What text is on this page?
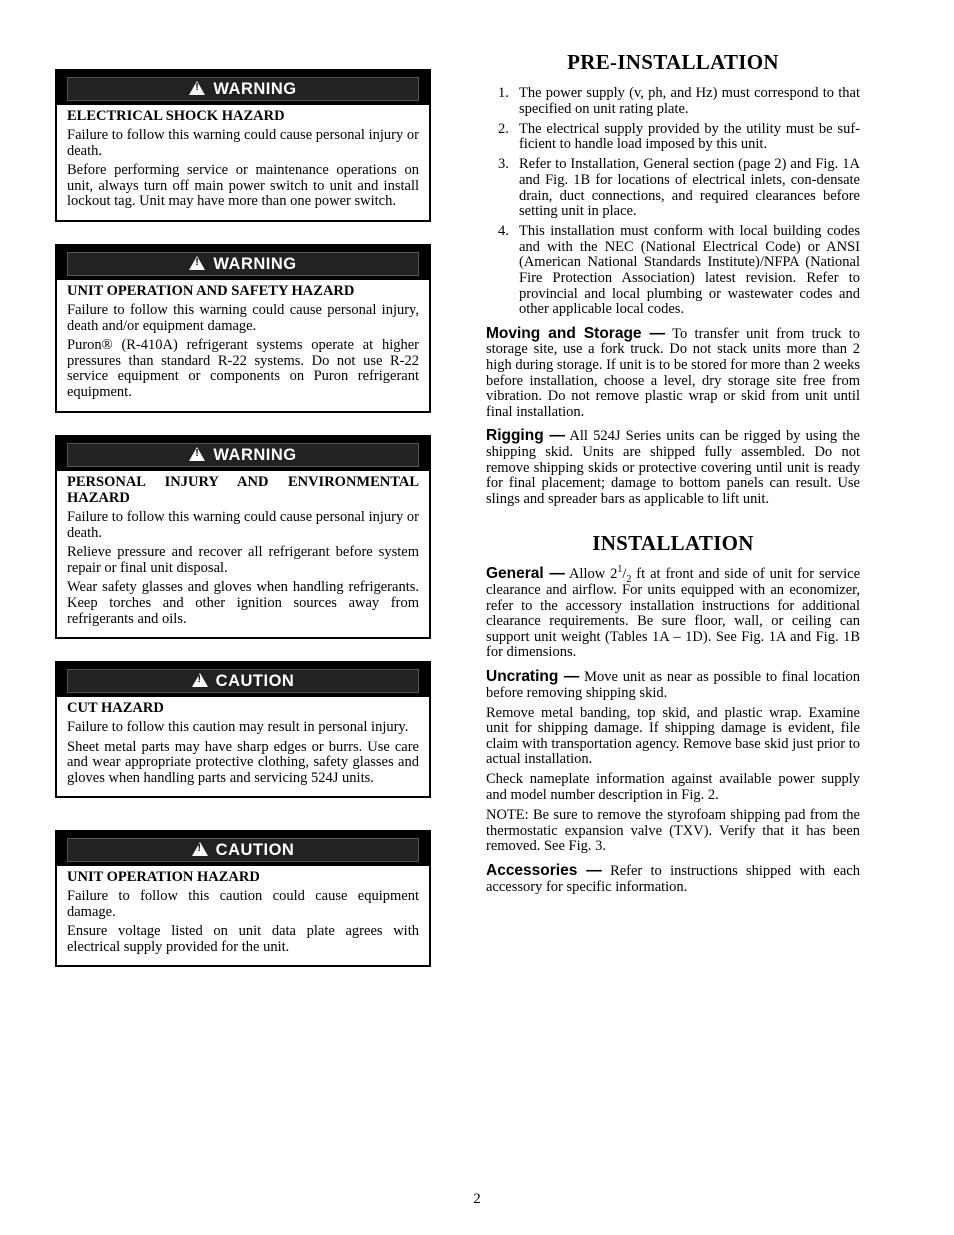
!WARNING

ELECTRICAL SHOCK HAZARD

Failure to follow this warning could cause personal injury or death.

Before performing service or maintenance operations on unit, always turn off main power switch to unit and install lockout tag. Unit may have more than one power switch.

!WARNING

UNIT OPERATION AND SAFETY HAZARD

Failure to follow this warning could cause personal injury, death and/or equipment damage.

Puron® (R-410A) refrigerant systems operate at higher pressures than standard R-22 systems. Do not use R-22 service equipment or components on Puron refrigerant equipment.

!WARNING

PERSONAL INJURY AND ENVIRONMENTAL HAZARD

Failure to follow this warning could cause personal injury or death.

Relieve pressure and recover all refrigerant before system repair or final unit disposal.

Wear safety glasses and gloves when handling refrigerants. Keep torches and other ignition sources away from refrigerants and oils.

!CAUTION

CUT HAZARD

Failure to follow this caution may result in personal injury.

Sheet metal parts may have sharp edges or burrs. Use care and wear appropriate protective clothing, safety glasses and gloves when handling parts and servicing 524J units.

!CAUTION

UNIT OPERATION HAZARD

Failure to follow this caution could cause equipment damage.

Ensure voltage listed on unit data plate agrees with electrical supply provided for the unit.

PRE-INSTALLATION
1. The power supply (v, ph, and Hz) must correspond to that specified on unit rating plate.
2. The electrical supply provided by the utility must be suf-ficient to handle load imposed by this unit.
3. Refer to Installation, General section (page 2) and Fig. 1A and Fig. 1B for locations of electrical inlets, con-densate drain, duct connections, and required clearances before setting unit in place.
4. This installation must conform with local building codes and with the NEC (National Electrical Code) or ANSI (American National Standards Institute)/NFPA (National Fire Protection Association) latest revision. Refer to provincial and local plumbing or wastewater codes and other applicable local codes.

Moving and Storage — To transfer unit from truck to storage site, use a fork truck. Do not stack units more than 2 high during storage. If unit is to be stored for more than 2 weeks before installation, choose a level, dry storage site free from vibration. Do not remove plastic wrap or skid from unit until final installation.

Rigging — All 524J Series units can be rigged by using the shipping skid. Units are shipped fully assembled. Do not remove shipping skids or protective covering until unit is ready for final placement; damage to bottom panels can result. Use slings and spreader bars as applicable to lift unit.

INSTALLATION

General — Allow $2^1/_2$ ft at front and side of unit for service clearance and airflow. For units equipped with an economizer, refer to the accessory installation instructions for additional clearance requirements. Be sure floor, wall, or ceiling can support unit weight (Tables 1A – 1D). See Fig. 1A and Fig. 1B for dimensions.

Uncrating — Move unit as near as possible to final location before removing shipping skid.

Remove metal banding, top skid, and plastic wrap. Examine unit for shipping damage. If shipping damage is evident, file claim with transportation agency. Remove base skid just prior to actual installation.

Check nameplate information against available power supply and model number description in Fig. 2.

NOTE: Be sure to remove the styrofoam shipping pad from the thermostatic expansion valve (TXV). Verify that it has been removed. See Fig. 3.

Accessories — Refer to instructions shipped with each accessory for specific information.

2
